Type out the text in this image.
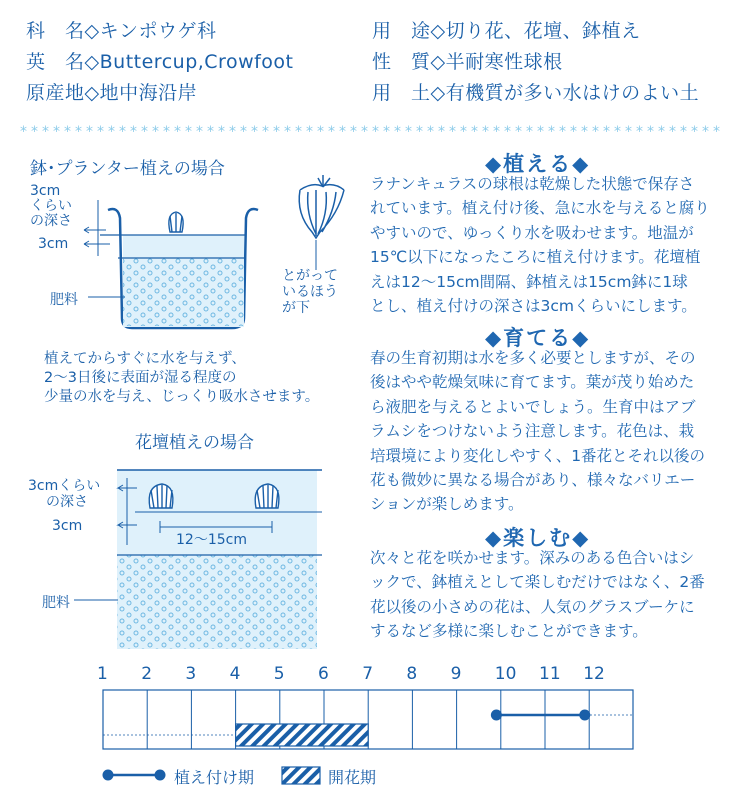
科　名◇キンポウゲ科
英　名◇Buttercup,Crowfoot
原産地◇地中海沿岸
用　途◇切り花、花壇、鉢植え
性　質◇半耐寒性球根
用　土◇有機質が多い水はけのよい土
* * * * * * * * * * * * * * * * * * * * * * * * * * * * * * * * * * * * * * * * * * * * * * * * * * * * * * * * * * * * * * * *
鉢･プランター植えの場合
3cm
くらい
の深さ
3cm
肥料
とがって
いるほう
が下
植えてからすぐに水を与えず、
2〜3日後に表面が湿る程度の
少量の水を与え、じっくり吸水させます。
花壇植えの場合
3cmくらい
の深さ
3cm
12〜15cm
肥料
◆植える◆
ラナンキュラスの球根は乾燥した状態で保存さ
れています。植え付け後、急に水を与えると腐り
やすいので、ゆっくり水を吸わせます。地温が
15℃以下になったころに植え付けます。花壇植
えは12〜15cm間隔、鉢植えは15cm鉢に1球
とし、植え付けの深さは3cmくらいにします。
◆育てる◆
春の生育初期は水を多く必要としますが、その
後はやや乾燥気味に育てます。葉が茂り始めた
ら液肥を与えるとよいでしょう。生育中はアブ
ラムシをつけないよう注意します。花色は、栽
培環境により変化しやすく、1番花とそれ以後の
花も微妙に異なる場合があり、様々なバリエー
ションが楽しめます。
◆楽しむ◆
次々と花を咲かせます。深みのある色合いはシ
ックで、鉢植えとして楽しむだけではなく、2番
花以後の小さめの花は、人気のグラスブーケに
するなど多様に楽しむことができます。
1 2 3 4 5 6 7 8 9 10 11 12
植え付け期	開花期
